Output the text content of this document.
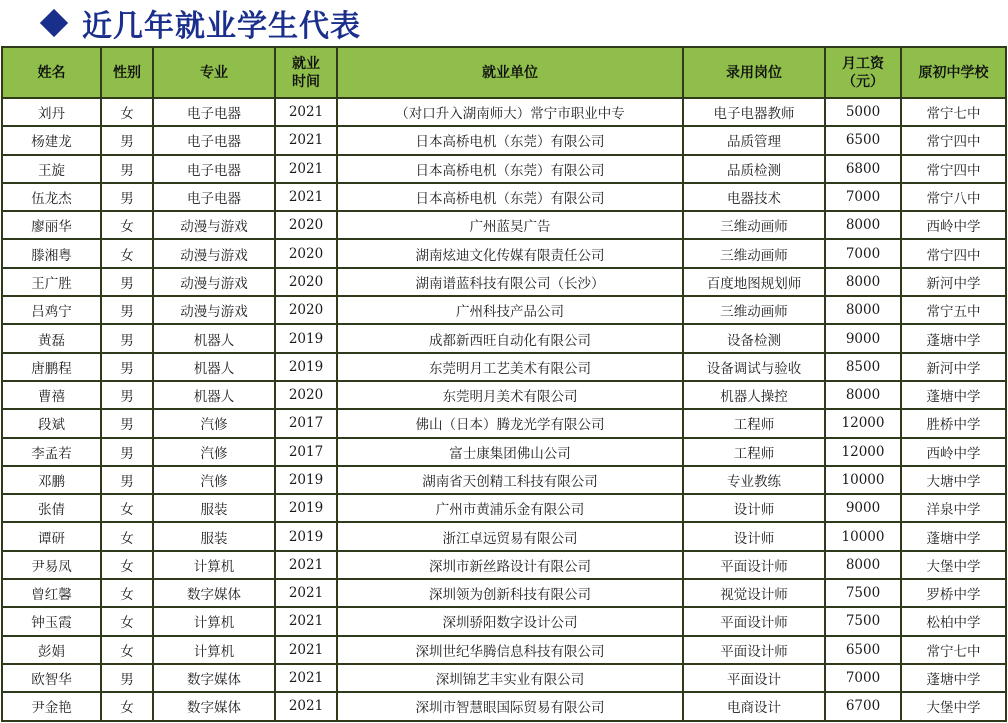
近几年就业学生代表
姓名	性别	专业	就业时间	就业单位	录用岗位	月工资（元）	原初中学校
刘丹	女	电子电器	2021	（对口升入湖南师大）常宁市职业中专	电子电器教师	5000	常宁七中
杨建龙	男	电子电器	2021	日本高桥电机（东莞）有限公司	品质管理	6500	常宁四中
王旋	男	电子电器	2021	日本高桥电机（东莞）有限公司	品质检测	6800	常宁四中
伍龙杰	男	电子电器	2021	日本高桥电机（东莞）有限公司	电器技术	7000	常宁八中
廖丽华	女	动漫与游戏	2020	广州蓝昊广告	三维动画师	8000	西岭中学
滕湘粤	女	动漫与游戏	2020	湖南炫迪文化传媒有限责任公司	三维动画师	7000	常宁四中
王广胜	男	动漫与游戏	2020	湖南谱蓝科技有限公司（长沙）	百度地图规划师	8000	新河中学
吕鸡宁	男	动漫与游戏	2020	广州科技产品公司	三维动画师	8000	常宁五中
黄磊	男	机器人	2019	成都新西旺自动化有限公司	设备检测	9000	蓬塘中学
唐鹏程	男	机器人	2019	东莞明月工艺美术有限公司	设备调试与验收	8500	新河中学
曹禧	男	机器人	2020	东莞明月美术有限公司	机器人操控	8000	蓬塘中学
段斌	男	汽修	2017	佛山（日本）腾龙光学有限公司	工程师	12000	胜桥中学
李孟若	男	汽修	2017	富士康集团佛山公司	工程师	12000	西岭中学
邓鹏	男	汽修	2019	湖南省天创精工科技有限公司	专业教练	10000	大塘中学
张倩	女	服装	2019	广州市黄浦乐金有限公司	设计师	9000	洋泉中学
谭研	女	服装	2019	浙江卓远贸易有限公司	设计师	10000	蓬塘中学
尹易凤	女	计算机	2021	深圳市新丝路设计有限公司	平面设计师	8000	大堡中学
曾红馨	女	数字媒体	2021	深圳领为创新科技有限公司	视觉设计师	7500	罗桥中学
钟玉霞	女	计算机	2021	深圳骄阳数字设计公司	平面设计师	7500	松柏中学
彭娟	女	计算机	2021	深圳世纪华腾信息科技有限公司	平面设计师	6500	常宁七中
欧智华	男	数字媒体	2021	深圳锦艺丰实业有限公司	平面设计	7000	蓬塘中学
尹金艳	女	数字媒体	2021	深圳市智慧眼国际贸易有限公司	电商设计	6700	大堡中学
